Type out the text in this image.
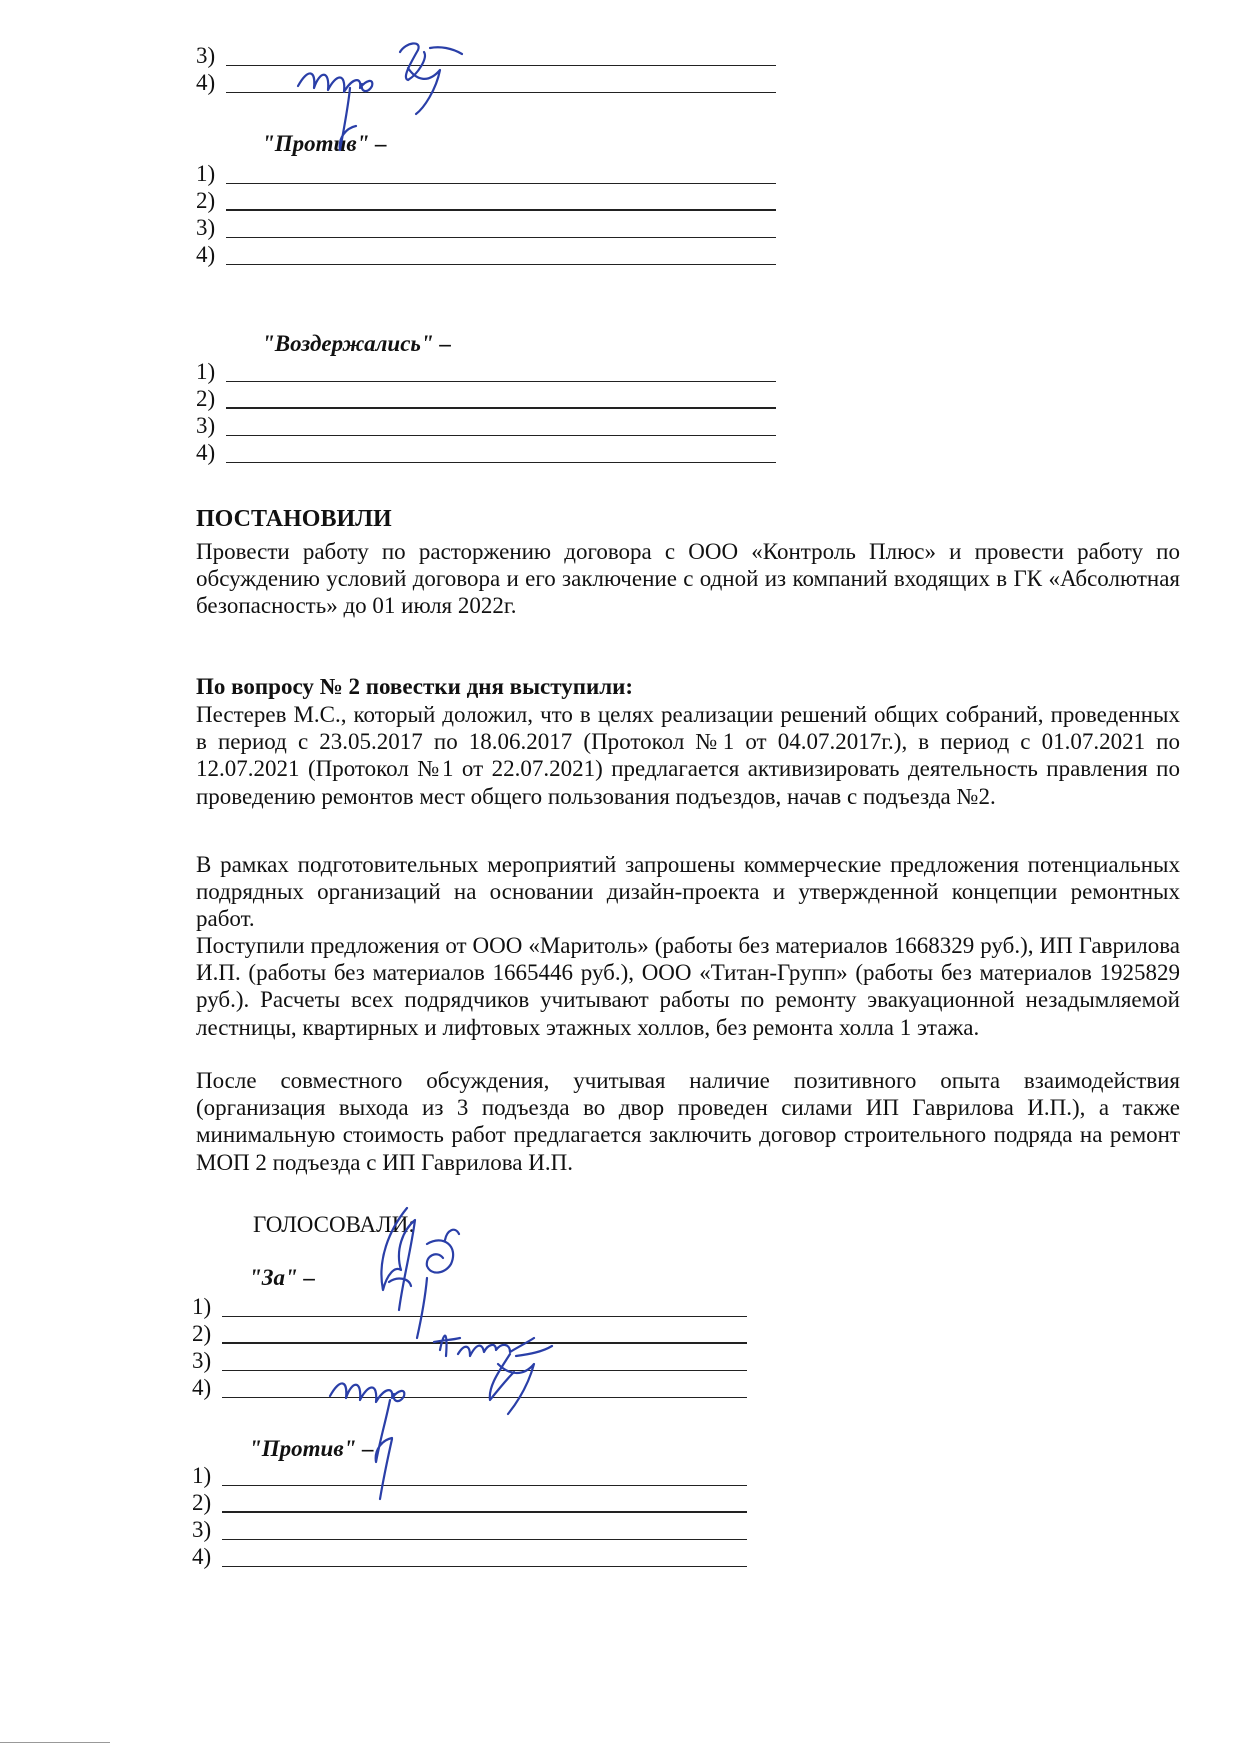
3)
4)
"Против" –
1)
2)
3)
4)
"Воздержались" –
1)
2)
3)
4)
ПОСТАНОВИЛИ

Провести работу по расторжению договора с ООО «Контроль Плюс» и провести работу по обсуждению условий договора и его заключение с одной из компаний входящих в ГК «Абсолютная безопасность» до 01 июля 2022г.

По вопросу № 2 повестки дня выступили:

Пестерев М.С., который доложил, что в целях реализации решений общих собраний, проведенных в период с 23.05.2017 по 18.06.2017 (Протокол №1 от 04.07.2017г.), в период с 01.07.2021 по 12.07.2021 (Протокол №1 от 22.07.2021) предлагается активизировать деятельность правления по проведению ремонтов мест общего пользования подъездов, начав с подъезда №2.

В рамках подготовительных мероприятий запрошены коммерческие предложения потенциальных подрядных организаций на основании дизайн-проекта и утвержденной концепции ремонтных работ.

Поступили предложения от ООО «Маритоль» (работы без материалов 1668329 руб.), ИП Гаврилова И.П. (работы без материалов 1665446 руб.), ООО «Титан-Групп» (работы без материалов 1925829 руб.). Расчеты всех подрядчиков учитывают работы по ремонту эвакуационной незадымляемой лестницы, квартирных и лифтовых этажных холлов, без ремонта холла 1 этажа.

После совместного обсуждения, учитывая наличие позитивного опыта взаимодействия (организация выхода из 3 подъезда во двор проведен силами ИП Гаврилова И.П.), а также минимальную стоимость работ предлагается заключить договор строительного подряда на ремонт МОП 2 подъезда с ИП Гаврилова И.П.

ГОЛОСОВАЛИ:
"За" –
1)
2)
3)
4)
"Против" –
1)
2)
3)
4)
